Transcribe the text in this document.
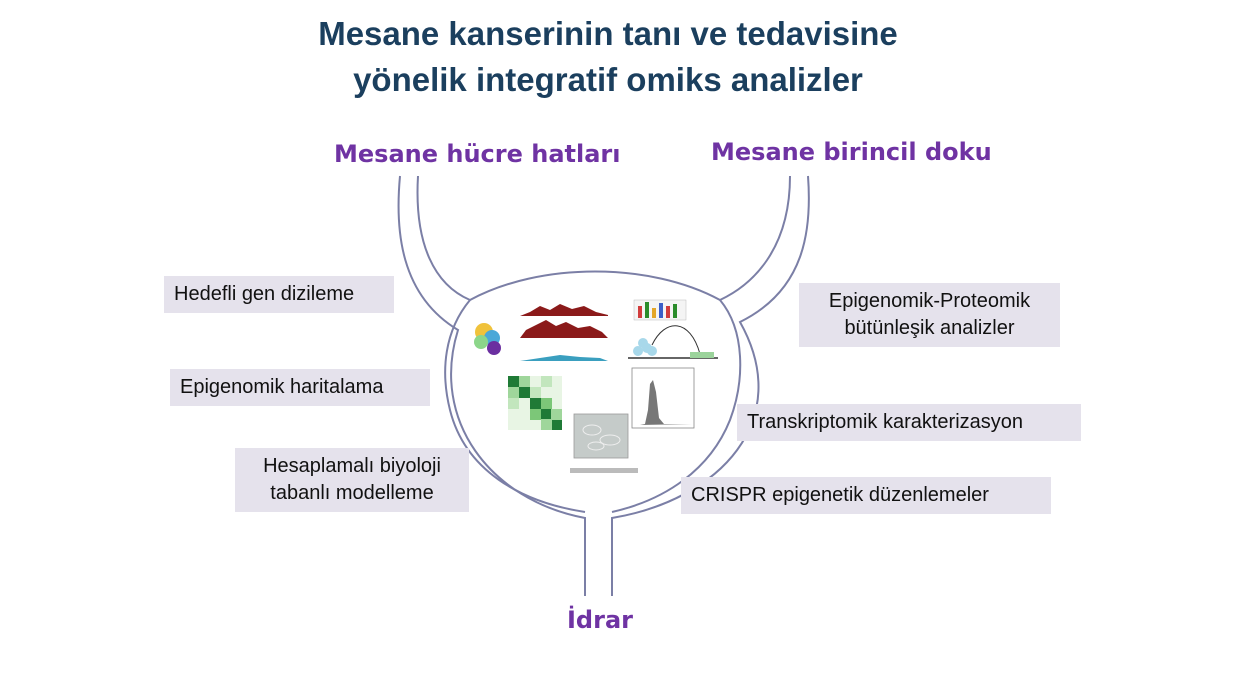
Mesane kanserinin tanı ve tedavisine
yönelik integratif omiks analizler
Mesane hücre hatları	Mesane birincil doku
İdrar
Hedefli gen dizileme
Epigenomik haritalama
Hesaplamalı biyoloji
tabanlı modelleme
Epigenomik-Proteomik
bütünleşik analizler
Transkriptomik karakterizasyon
CRISPR epigenetik düzenlemeler
